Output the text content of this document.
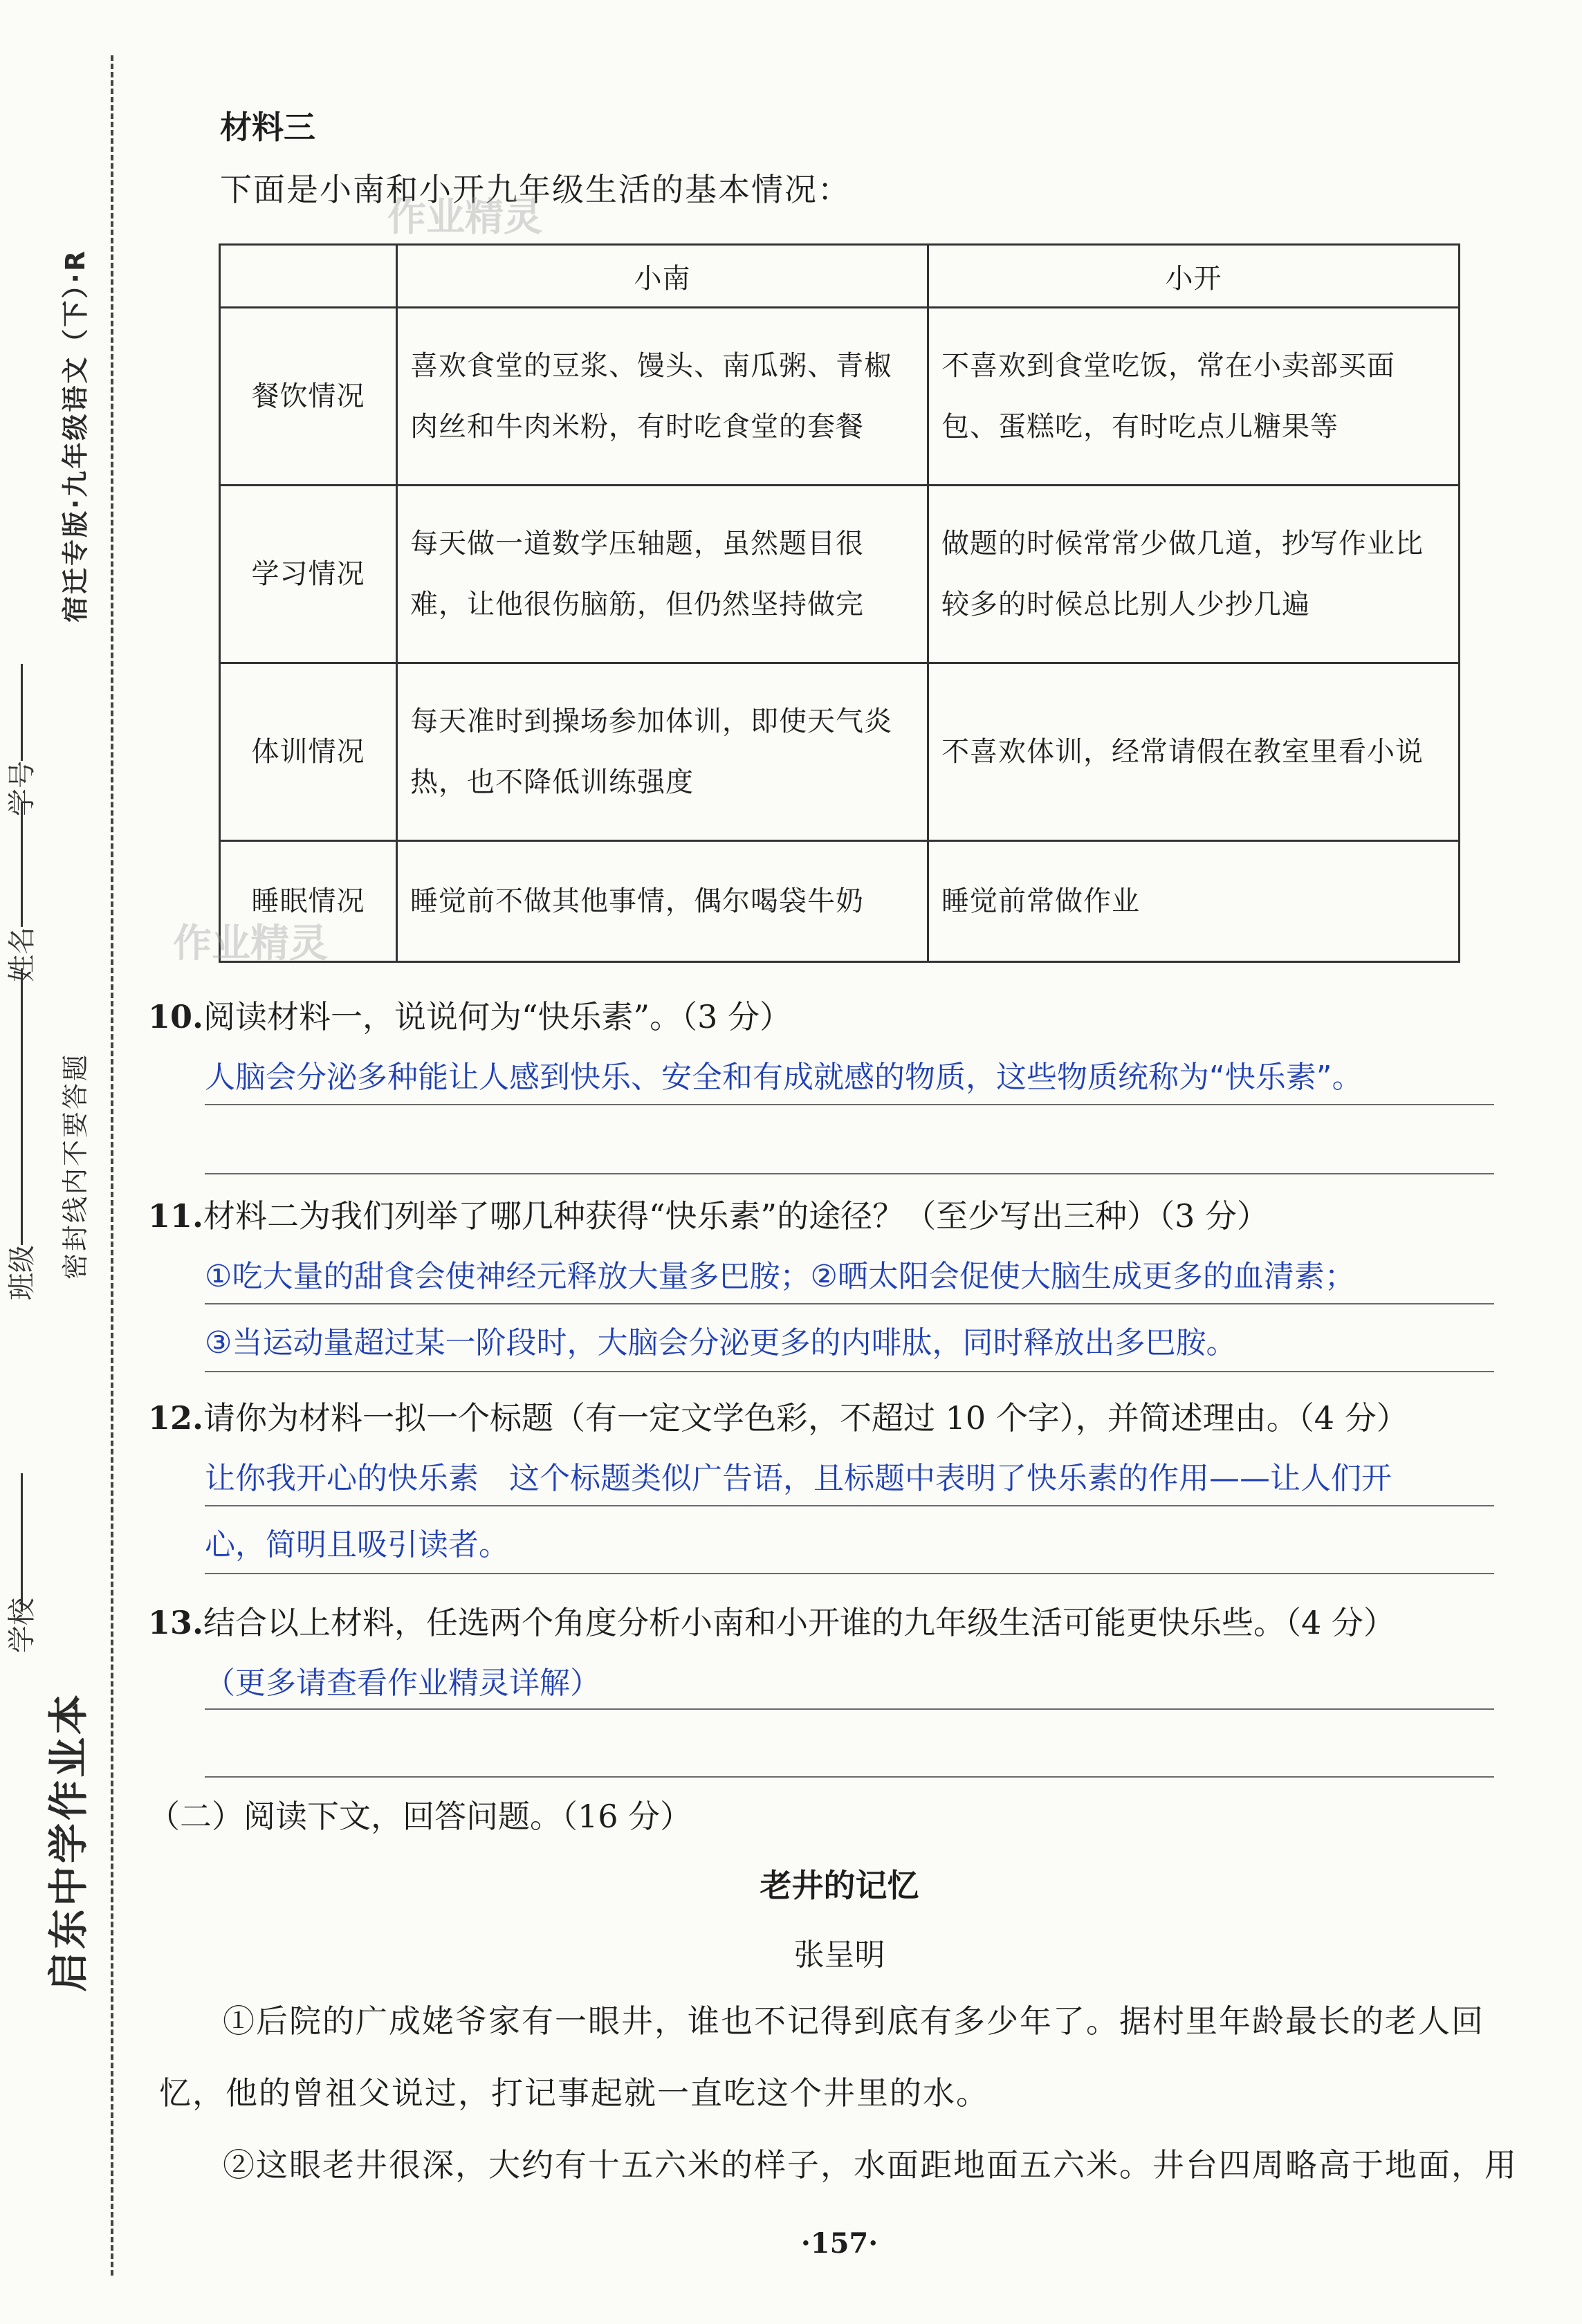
启东中学作业本
密封线内不要答题
宿迁专版·九年级语文（下）·R
学校
班级
姓名
学号
材料三
下面是小南和小开九年级生活的基本情况：
	小南	小开
餐饮情况	喜欢食堂的豆浆、馒头、南瓜粥、青椒肉丝和牛肉米粉，有时吃食堂的套餐	不喜欢到食堂吃饭，常在小卖部买面包、蛋糕吃，有时吃点儿糖果等
学习情况	每天做一道数学压轴题，虽然题目很难，让他很伤脑筋，但仍然坚持做完	做题的时候常常少做几道，抄写作业比较多的时候总比别人少抄几遍
体训情况	每天准时到操场参加体训，即使天气炎热，也不降低训练强度	不喜欢体训，经常请假在教室里看小说
睡眠情况	睡觉前不做其他事情，偶尔喝袋牛奶	睡觉前常做作业
作业精灵
作业精灵
10.阅读材料一，说说何为“快乐素”。（3 分）
人脑会分泌多种能让人感到快乐、安全和有成就感的物质，这些物质统称为“快乐素”。
11.材料二为我们列举了哪几种获得“快乐素”的途径？（至少写出三种）（3 分）
①吃大量的甜食会使神经元释放大量多巴胺；②晒太阳会促使大脑生成更多的血清素；
③当运动量超过某一阶段时，大脑会分泌更多的内啡肽，同时释放出多巴胺。
12.请你为材料一拟一个标题（有一定文学色彩，不超过 10 个字），并简述理由。（4 分）
让你我开心的快乐素　这个标题类似广告语，且标题中表明了快乐素的作用——让人们开
心，简明且吸引读者。
13.结合以上材料，任选两个角度分析小南和小开谁的九年级生活可能更快乐些。（4 分）
（更多请查看作业精灵详解）
（二）阅读下文，回答问题。（16 分）
老井的记忆
张呈明
①后院的广成姥爷家有一眼井，谁也不记得到底有多少年了。据村里年龄最长的老人回忆，他的曾祖父说过，打记事起就一直吃这个井里的水。
②这眼老井很深，大约有十五六米的样子，水面距地面五六米。井台四周略高于地面，用
·157·
